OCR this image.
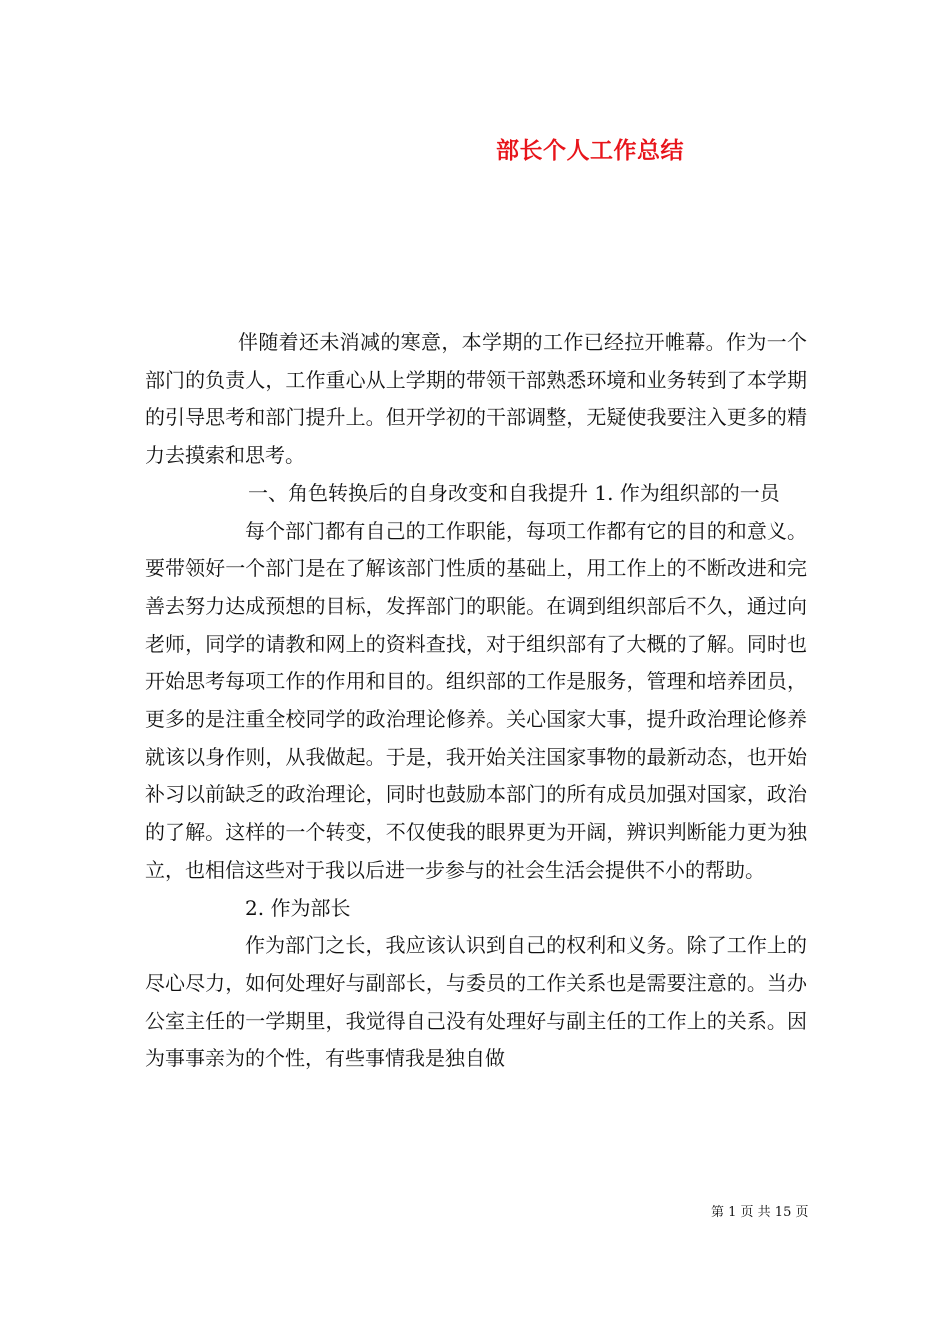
部长个人工作总结

伴随着还未消减的寒意，本学期的工作已经拉开帷幕。作为一个部门的负责人，工作重心从上学期的带领干部熟悉环境和业务转到了本学期的引导思考和部门提升上。但开学初的干部调整，无疑使我要注入更多的精力去摸索和思考。

一、角色转换后的自身改变和自我提升 1. 作为组织部的一员

每个部门都有自己的工作职能，每项工作都有它的目的和意义。要带领好一个部门是在了解该部门性质的基础上，用工作上的不断改进和完善去努力达成预想的目标，发挥部门的职能。在调到组织部后不久，通过向老师，同学的请教和网上的资料查找，对于组织部有了大概的了解。同时也开始思考每项工作的作用和目的。组织部的工作是服务，管理和培养团员，更多的是注重全校同学的政治理论修养。关心国家大事，提升政治理论修养就该以身作则，从我做起。于是，我开始关注国家事物的最新动态，也开始补习以前缺乏的政治理论，同时也鼓励本部门的所有成员加强对国家，政治的了解。这样的一个转变，不仅使我的眼界更为开阔，辨识判断能力更为独立，也相信这些对于我以后进一步参与的社会生活会提供不小的帮助。

2. 作为部长

作为部门之长，我应该认识到自己的权利和义务。除了工作上的尽心尽力，如何处理好与副部长，与委员的工作关系也是需要注意的。当办公室主任的一学期里，我觉得自己没有处理好与副主任的工作上的关系。因为事事亲为的个性，有些事情我是独自做

第 1 页 共 15 页
